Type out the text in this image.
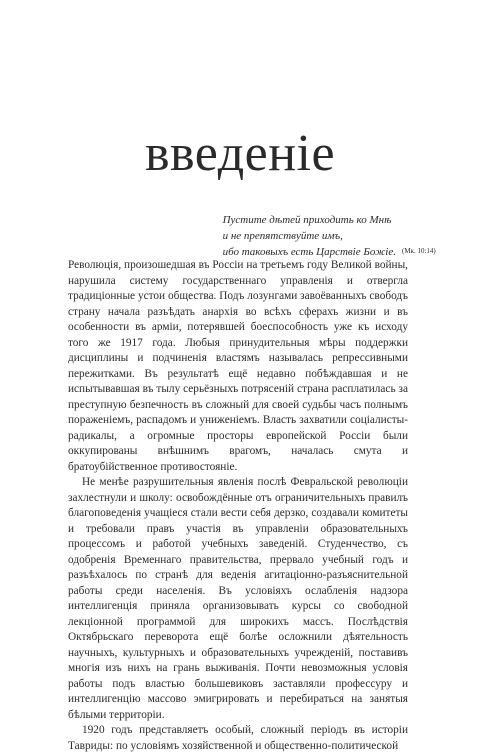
введеніе
Пустите дѣтей приходить ко Мнѣ
и не препятствуйте имъ,
ибо таковыхъ есть Царствіе Божіе. (Мк. 10:14)

Революція, произошедшая въ Россіи на третьемъ году Великой войны, нарушила систему государственнаго управленія и отвергла традиціонные устои общества. Подъ лозунгами завоёванныхъ свободъ страну начала разъѣдать анархія во всѣхъ сферахъ жизни и въ особенности въ арміи, потерявшей боеспособность уже къ исходу того же 1917 года. Любыя принудительныя мѣры поддержки дисциплины и подчиненія властямъ называлась репрессивными пережитками. Въ результатѣ ещё недавно побѣждавшая и не испытывавшая въ тылу серьёзныхъ потрясеній страна расплатилась за преступную безпечность въ сложный для своей судьбы часъ полнымъ пораженіемъ, распадомъ и униженіемъ. Власть захватили соціалисты-радикалы, а огромные просторы европейской Россіи были оккупированы внѣшнимъ врагомъ, началась смута и братоубійственное противостояніе.

Не менѣе разрушительныя явленія послѣ Февральской революціи захлестнули и школу: освобождённые отъ ограничительныхъ правилъ благоповеденія учащіеся стали вести себя дерзко, создавали комитеты и требовали правъ участія въ управленіи образовательныхъ процессомъ и работой учебныхъ заведеній. Студенчество, съ одобренія Временнаго правительства, прервало учебный годъ и разъѣхалось по странѣ для веденія агитаціонно-разъяснительной работы среди населенія. Въ условіяхъ ослабленія надзора интеллигенція приняла организовывать курсы со свободной лекціонной программой для широкихъ массъ. Послѣдствія Октябрьскаго переворота ещё болѣе осложнили дѣятельность научныхъ, культурныхъ и образовательныхъ учрежденій, поставивъ многія изъ нихъ на грань выживанія. Почти невозможныя условія работы подъ властью большевиковъ заставляли профессуру и интеллигенцію массово эмигрировать и перебираться на занятыя бѣлыми территоріи.

1920 годъ представляетъ особый, сложный періодъ въ исторіи Тавриды: по условіямъ хозяйственной и общественно-политической
